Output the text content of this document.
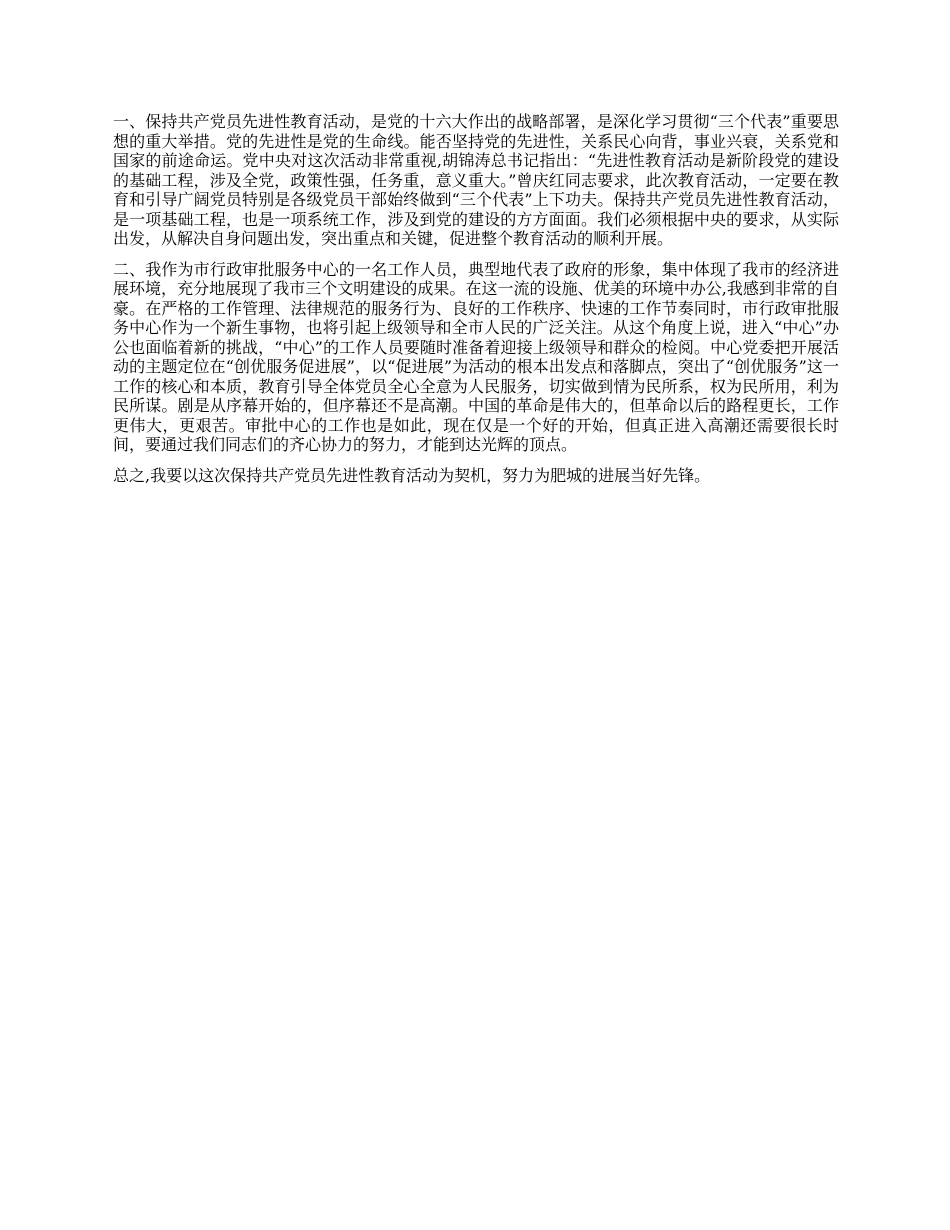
一、保持共产党员先进性教育活动，是党的十六大作出的战略部署，是深化学习贯彻“三个代表”重要思想的重大举措。党的先进性是党的生命线。能否坚持党的先进性，关系民心向背，事业兴衰，关系党和国家的前途命运。党中央对这次活动非常重视,胡锦涛总书记指出：“先进性教育活动是新阶段党的建设的基础工程，涉及全党，政策性强，任务重，意义重大。”曾庆红同志要求，此次教育活动，一定要在教育和引导广阔党员特别是各级党员干部始终做到“三个代表”上下功夫。保持共产党员先进性教育活动，是一项基础工程，也是一项系统工作，涉及到党的建设的方方面面。我们必须根据中央的要求，从实际出发，从解决自身问题出发，突出重点和关键，促进整个教育活动的顺利开展。

二、我作为市行政审批服务中心的一名工作人员，典型地代表了政府的形象，集中体现了我市的经济进展环境，充分地展现了我市三个文明建设的成果。在这一流的设施、优美的环境中办公,我感到非常的自豪。在严格的工作管理、法律规范的服务行为、良好的工作秩序、快速的工作节奏同时，市行政审批服务中心作为一个新生事物，也将引起上级领导和全市人民的广泛关注。从这个角度上说，进入“中心”办公也面临着新的挑战，“中心”的工作人员要随时准备着迎接上级领导和群众的检阅。中心党委把开展活动的主题定位在“创优服务促进展”，以“促进展”为活动的根本出发点和落脚点，突出了“创优服务”这一工作的核心和本质，教育引导全体党员全心全意为人民服务，切实做到情为民所系，权为民所用，利为民所谋。剧是从序幕开始的，但序幕还不是高潮。中国的革命是伟大的，但革命以后的路程更长，工作更伟大，更艰苦。审批中心的工作也是如此，现在仅是一个好的开始，但真正进入高潮还需要很长时间，要通过我们同志们的齐心协力的努力，才能到达光辉的顶点。

总之,我要以这次保持共产党员先进性教育活动为契机，努力为肥城的进展当好先锋。
